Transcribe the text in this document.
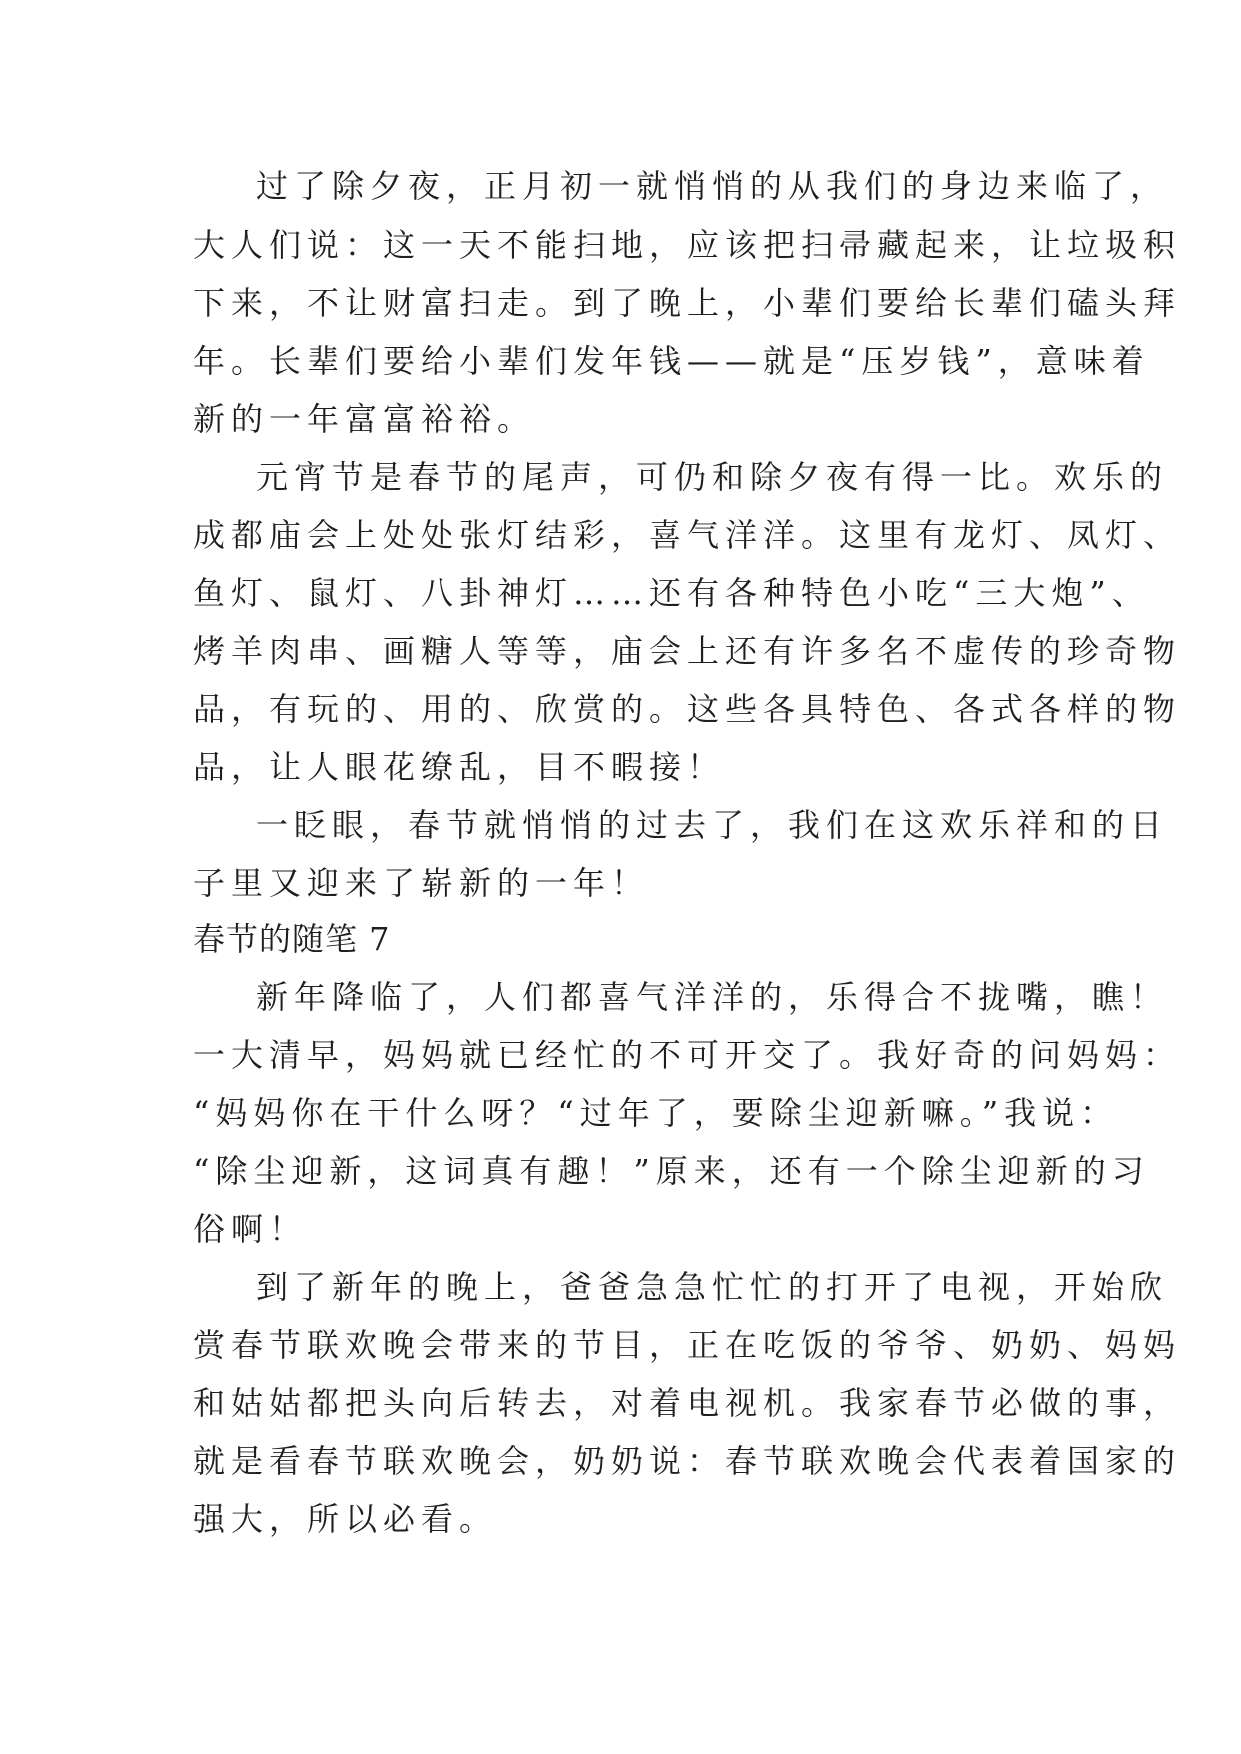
过了除夕夜，正月初一就悄悄的从我们的身边来临了，
大人们说：这一天不能扫地，应该把扫帚藏起来，让垃圾积
下来，不让财富扫走。到了晚上，小辈们要给长辈们磕头拜
年。长辈们要给小辈们发年钱——就是“压岁钱”，意味着
新的一年富富裕裕。
元宵节是春节的尾声，可仍和除夕夜有得一比。欢乐的
成都庙会上处处张灯结彩，喜气洋洋。这里有龙灯、凤灯、
鱼灯、鼠灯、八卦神灯……还有各种特色小吃“三大炮”、
烤羊肉串、画糖人等等，庙会上还有许多名不虚传的珍奇物
品，有玩的、用的、欣赏的。这些各具特色、各式各样的物
品，让人眼花缭乱，目不暇接！
一眨眼，春节就悄悄的过去了，我们在这欢乐祥和的日
子里又迎来了崭新的一年！
春节的随笔 7
新年降临了，人们都喜气洋洋的，乐得合不拢嘴，瞧！
一大清早，妈妈就已经忙的不可开交了。我好奇的问妈妈：
“妈妈你在干什么呀？“过年了，要除尘迎新嘛。”我说：
“除尘迎新，这词真有趣！”原来，还有一个除尘迎新的习
俗啊！
到了新年的晚上，爸爸急急忙忙的打开了电视，开始欣
赏春节联欢晚会带来的节目，正在吃饭的爷爷、奶奶、妈妈
和姑姑都把头向后转去，对着电视机。我家春节必做的事，
就是看春节联欢晚会，奶奶说：春节联欢晚会代表着国家的
强大，所以必看。
